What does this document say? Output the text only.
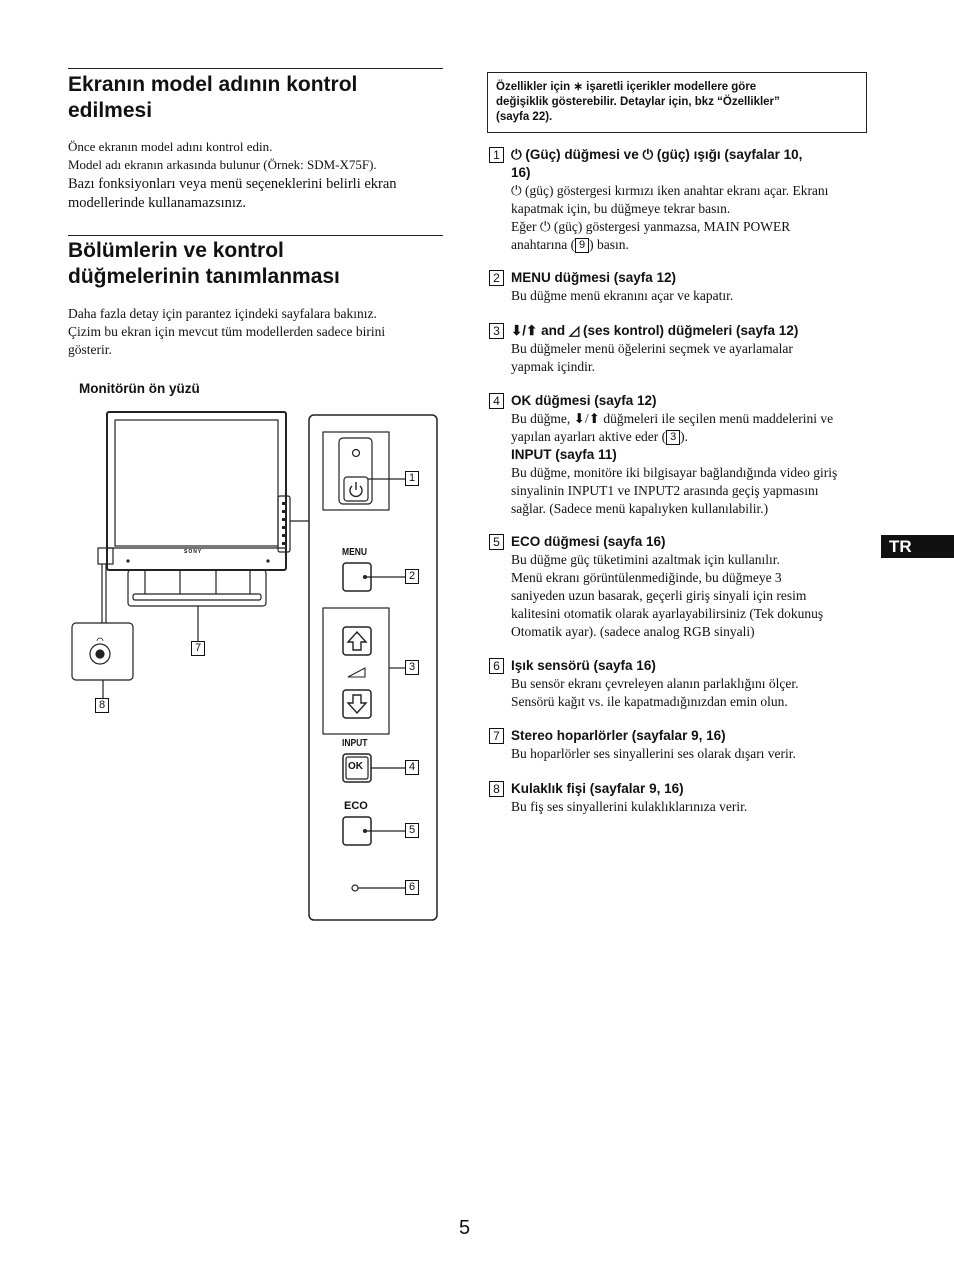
Ekranın model adının kontrol
edilmesi
Önce ekranın model adını kontrol edin.
Model adı ekranın arkasında bulunur (Örnek: SDM-X75F).
Bazı fonksiyonları veya menü seçeneklerini belirli ekran
modellerinde kullanamazsınız.
Bölümlerin ve kontrol
düğmelerinin tanımlanması
Daha fazla detay için parantez içindeki sayfalara bakınız.
Çizim bu ekran için mevcut tüm modellerden sadece birini
gösterir.
Monitörün ön yüzü
SONY	MENU
INPUT
OK
ECO
1
2
3
4
5
6
7
8
Özellikler için ∗ işaretli içerikler modellere göre
değişiklik gösterebilir. Detaylar için, bkz “Özellikler”
(sayfa 22).
1 ⏻ (Güç) düğmesi ve ⏻ (güç) ışığı (sayfalar 10,
16)
⏻ (güç) göstergesi kırmızı iken anahtar ekranı açar. Ekranı
kapatmak için, bu düğmeye tekrar basın.
Eğer ⏻ (güç) göstergesi yanmazsa, MAIN POWER
anahtarına ( 9 ) basın.
2 MENU düğmesi (sayfa 12)
Bu düğme menü ekranını açar ve kapatır.
3 ⬇/⬆ and ◿ (ses kontrol) düğmeleri (sayfa 12)
Bu düğmeler menü öğelerini seçmek ve ayarlamalar
yapmak içindir.
4 OK düğmesi (sayfa 12)
Bu düğme, ⬇/⬆ düğmeleri ile seçilen menü maddelerini ve
yapılan ayarları aktive eder ( 3 ).
INPUT (sayfa 11)
Bu düğme, monitöre iki bilgisayar bağlandığında video giriş
sinyalinin INPUT1 ve INPUT2 arasında geçiş yapmasını
sağlar. (Sadece menü kapalıyken kullanılabilir.)
5 ECO düğmesi (sayfa 16)
Bu düğme güç tüketimini azaltmak için kullanılır.
Menü ekranı görüntülenmediğinde, bu düğmeye 3
saniyeden uzun basarak, geçerli giriş sinyali için resim
kalitesini otomatik olarak ayarlayabilirsiniz (Tek dokunuş
Otomatik ayar). (sadece analog RGB sinyali)
6 Işık sensörü (sayfa 16)
Bu sensör ekranı çevreleyen alanın parlaklığını ölçer.
Sensörü kağıt vs. ile kapatmadığınızdan emin olun.
7 Stereo hoparlörler (sayfalar 9, 16)
Bu hoparlörler ses sinyallerini ses olarak dışarı verir.
8 Kulaklık fişi (sayfalar 9, 16)
Bu fiş ses sinyallerini kulaklıklarınıza verir.
TR
5
